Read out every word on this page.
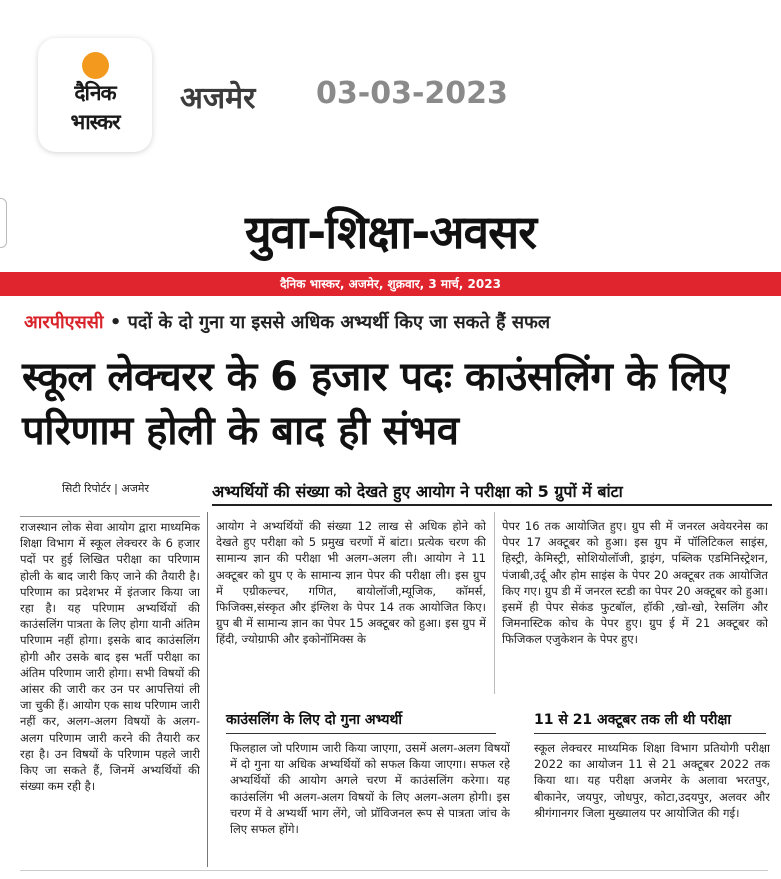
दैनिक
भास्कर
अजमेर 03-03-2023
युवा-शिक्षा-अवसर
दैनिक भास्कर, अजमेर, शुक्रवार, 3 मार्च, 2023
आरपीएससी • पदों के दो गुना या इससे अधिक अभ्यर्थी किए जा सकते हैं सफल
स्कूल लेक्चरर के 6 हजार पदः काउंसलिंग के लिए परिणाम होली के बाद ही संभव
सिटी रिपोर्टर | अजमेर	अभ्यर्थियों की संख्या को देखते हुए आयोग ने परीक्षा को 5 ग्रुपों में बांटा
राजस्थान लोक सेवा आयोग द्वारा माध्यमिक शिक्षा विभाग में स्कूल लेक्चरर के 6 हजार पदों पर हुई लिखित परीक्षा का परिणाम होली के बाद जारी किए जाने की तैयारी है। परिणाम का प्रदेशभर में इंतजार किया जा रहा है। यह परिणाम अभ्यर्थियों की काउंसलिंग पात्रता के लिए होगा यानी अंतिम परिणाम नहीं होगा। इसके बाद काउंसलिंग होगी और उसके बाद इस भर्ती परीक्षा का अंतिम परिणाम जारी होगा। सभी विषयों की आंसर की जारी कर उन पर आपत्तियां ली जा चुकी हैं। आयोग एक साथ परिणाम जारी नहीं कर, अलग-अलग विषयों के अलग-अलग परिणाम जारी करने की तैयारी कर रहा है। उन विषयों के परिणाम पहले जारी किए जा सकते हैं, जिनमें अभ्यर्थियों की संख्या कम रही है।
आयोग ने अभ्यर्थियों की संख्या 12 लाख से अधिक होने को देखते हुए परीक्षा को 5 प्रमुख चरणों में बांटा। प्रत्येक चरण की सामान्य ज्ञान की परीक्षा भी अलग-अलग ली। आयोग ने 11 अक्टूबर को ग्रुप ए के सामान्य ज्ञान पेपर की परीक्षा ली। इस ग्रुप में एग्रीकल्चर, गणित, बायोलॉजी,म्यूजिक, कॉमर्स, फिजिक्स,संस्कृत और इंग्लिश के पेपर 14 तक आयोजित किए। ग्रुप बी में सामान्य ज्ञान का पेपर 15 अक्टूबर को हुआ। इस ग्रुप में हिंदी, ज्योग्राफी और इकोनॉमिक्स के
पेपर 16 तक आयोजित हुए। ग्रुप सी में जनरल अवेयरनेस का पेपर 17 अक्टूबर को हुआ। इस ग्रुप में पॉलिटिकल साइंस, हिस्ट्री, केमिस्ट्री, सोशियोलॉजी, ड्राइंग, पब्लिक एडमिनिस्ट्रेशन, पंजाबी,उर्दू और होम साइंस के पेपर 20 अक्टूबर तक आयोजित किए गए। ग्रुप डी में जनरल स्टडी का पेपर 20 अक्टूबर को हुआ। इसमें ही पेपर सेकंड फुटबॉल, हॉकी ,खो-खो, रेसलिंग और जिमनास्टिक कोच के पेपर हुए। ग्रुप ई में 21 अक्टूबर को फिजिकल एजुकेशन के पेपर हुए।
काउंसलिंग के लिए दो गुना अभ्यर्थी	11 से 21 अक्टूबर तक ली थी परीक्षा
फिलहाल जो परिणाम जारी किया जाएगा, उसमें अलग-अलग विषयों में दो गुना या अधिक अभ्यर्थियों को सफल किया जाएगा। सफल रहे अभ्यर्थियों की आयोग अगले चरण में काउंसलिंग करेगा। यह काउंसलिंग भी अलग-अलग विषयों के लिए अलग-अलग होगी। इस चरण में वे अभ्यर्थी भाग लेंगे, जो प्रॉविजनल रूप से पात्रता जांच के लिए सफल होंगे।
स्कूल लेक्चरर माध्यमिक शिक्षा विभाग प्रतियोगी परीक्षा 2022 का आयोजन 11 से 21 अक्टूबर 2022 तक किया था। यह परीक्षा अजमेर के अलावा भरतपुर, बीकानेर, जयपुर, जोधपुर, कोटा,उदयपुर, अलवर और श्रीगंगानगर जिला मुख्यालय पर आयोजित की गई।
